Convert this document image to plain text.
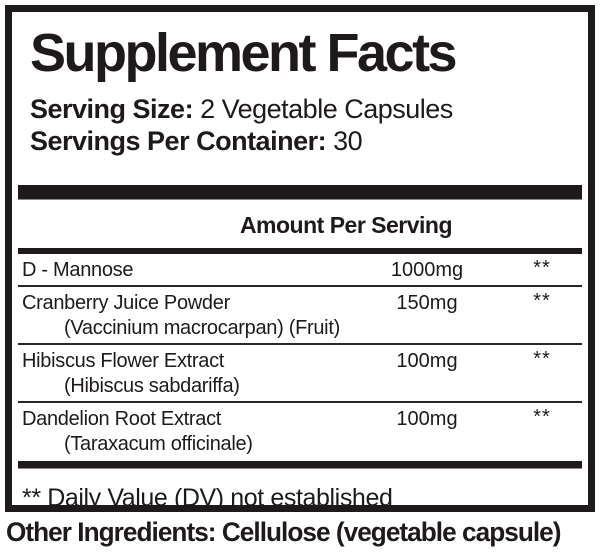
Supplement Facts
Serving Size: 2 Vegetable Capsules
Servings Per Container: 30
Amount Per Serving
D - Mannose	1000mg	**
Cranberry Juice Powder
(Vaccinium macrocarpan) (Fruit)
150mg	**
Hibiscus Flower Extract
(Hibiscus sabdariffa)
100mg	**
Dandelion Root Extract
(Taraxacum officinale)
100mg	**
** Daily Value (DV) not established
Other Ingredients: Cellulose (vegetable capsule)
